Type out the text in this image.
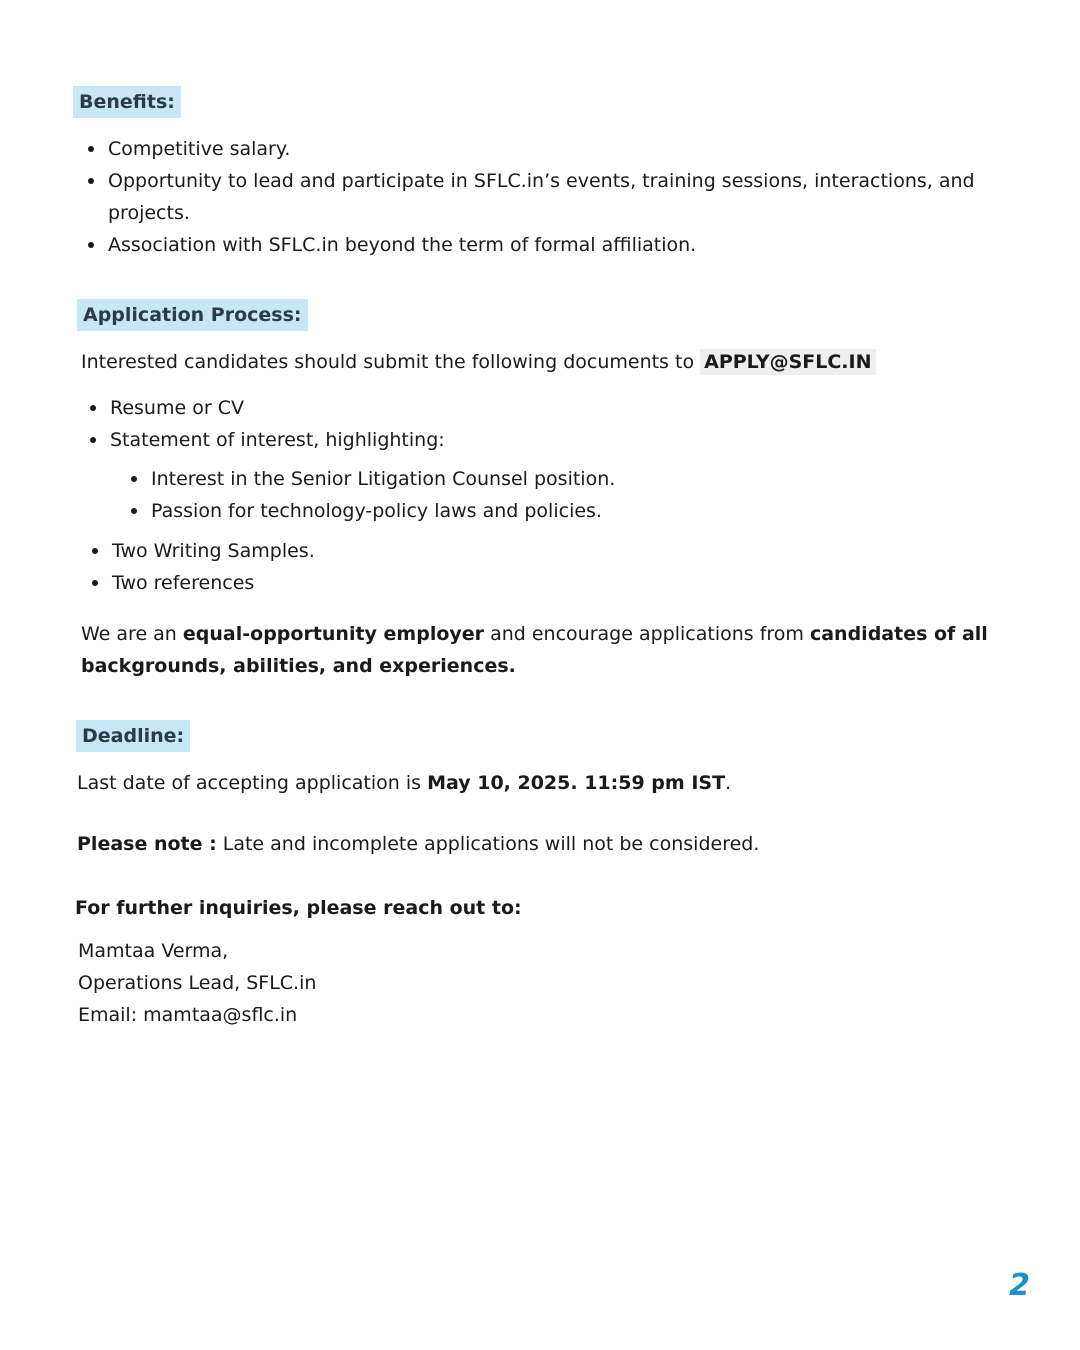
Benefits:
Competitive salary.
Opportunity to lead and participate in SFLC.in’s events, training sessions, interactions, and projects.
Association with SFLC.in beyond the term of formal affiliation.
Application Process:

Interested candidates should submit the following documents to APPLY@SFLC.IN

Resume or CV
Statement of interest, highlighting:
Interest in the Senior Litigation Counsel position.
Passion for technology-policy laws and policies.
Two Writing Samples.
Two references

We are an equal-opportunity employer and encourage applications from candidates of all backgrounds, abilities, and experiences.

Deadline:

Last date of accepting application is May 10, 2025. 11:59 pm IST.

Please note : Late and incomplete applications will not be considered.

For further inquiries, please reach out to:

Mamtaa Verma,
Operations Lead, SFLC.in
Email: mamtaa@sflc.in
2
